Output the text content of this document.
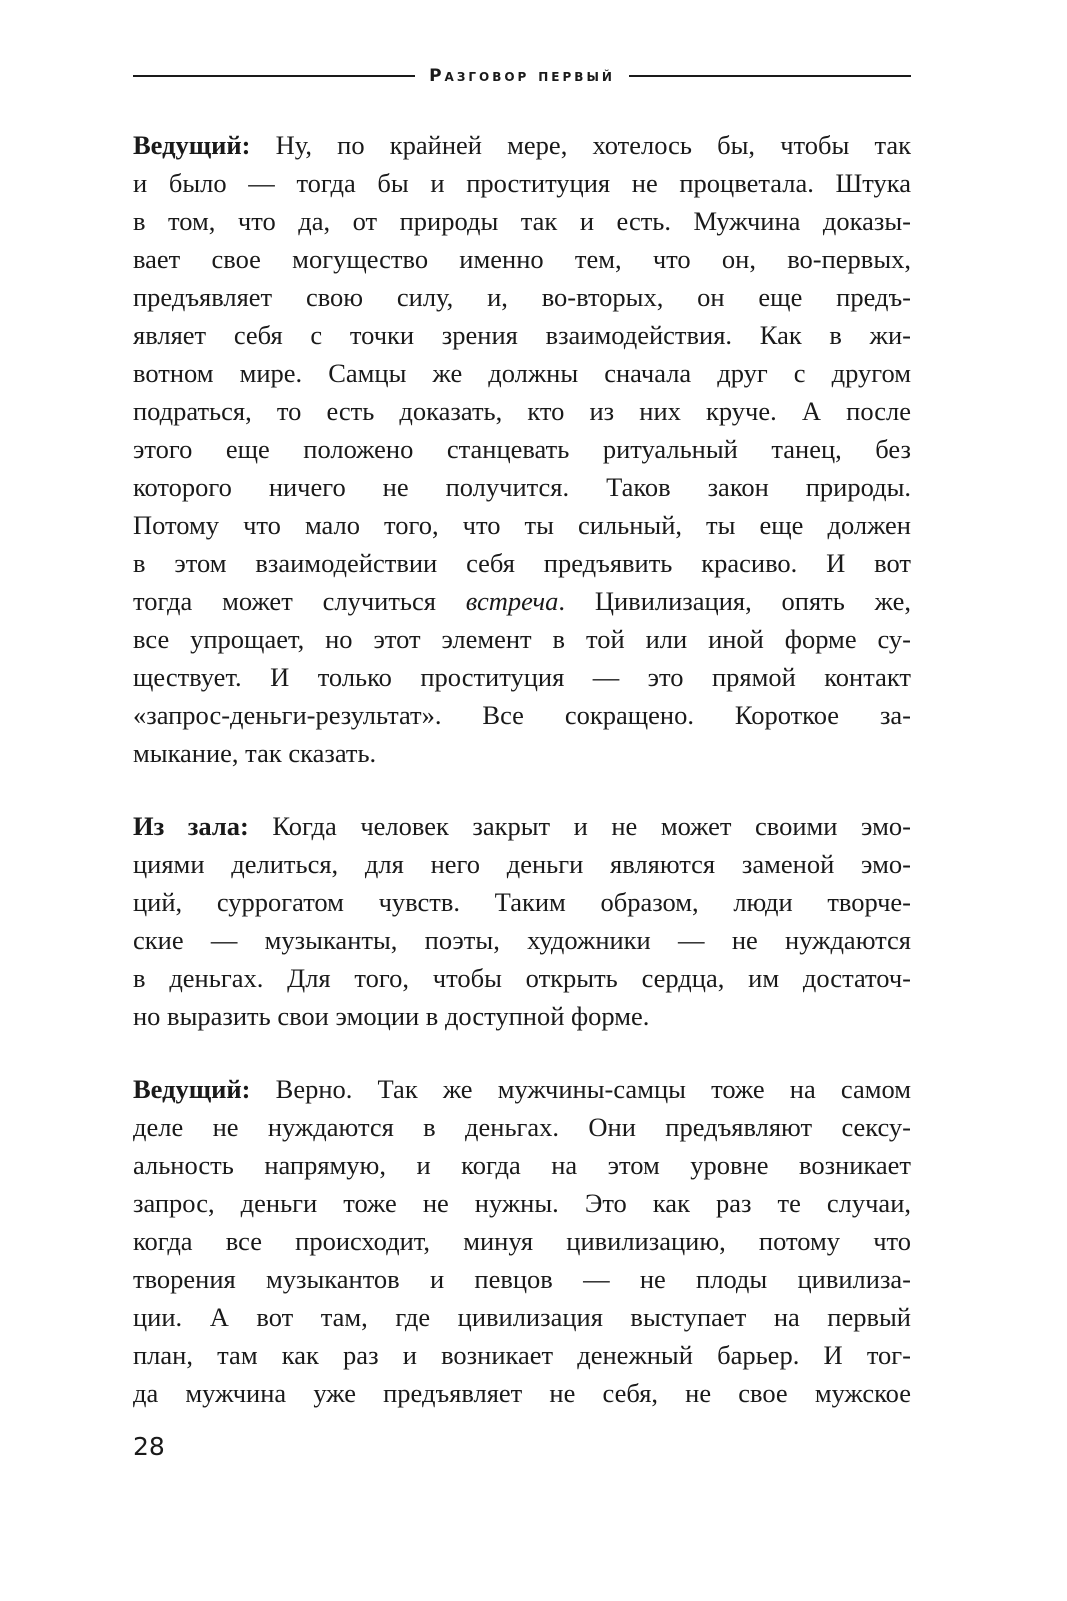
Разговор первый
Ведущий: Ну, по крайней мере, хотелось бы, чтобы так
и было — тогда бы и проституция не процветала. Штука
в том, что да, от природы так и есть. Мужчина доказы-
вает свое могущество именно тем, что он, во-первых,
предъявляет свою силу, и, во-вторых, он еще предъ-
являет себя с точки зрения взаимодействия. Как в жи-
вотном мире. Самцы же должны сначала друг с другом
подраться, то есть доказать, кто из них круче. А после
этого еще положено станцевать ритуальный танец, без
которого ничего не получится. Таков закон природы.
Потому что мало того, что ты сильный, ты еще должен
в этом взаимодействии себя предъявить красиво. И вот
тогда может случиться встреча. Цивилизация, опять же,
все упрощает, но этот элемент в той или иной форме су-
ществует. И только проституция — это прямой контакт
«запрос-деньги-результат». Все сокращено. Короткое за-
мыкание, так сказать.
Из зала: Когда человек закрыт и не может своими эмо-
циями делиться, для него деньги являются заменой эмо-
ций, суррогатом чувств. Таким образом, люди творче-
ские — музыканты, поэты, художники — не нуждаются
в деньгах. Для того, чтобы открыть сердца, им достаточ-
но выразить свои эмоции в доступной форме.
Ведущий: Верно. Так же мужчины-самцы тоже на самом
деле не нуждаются в деньгах. Они предъявляют сексу-
альность напрямую, и когда на этом уровне возникает
запрос, деньги тоже не нужны. Это как раз те случаи,
когда все происходит, минуя цивилизацию, потому что
творения музыкантов и певцов — не плоды цивилиза-
ции. А вот там, где цивилизация выступает на первый
план, там как раз и возникает денежный барьер. И тог-
да мужчина уже предъявляет не себя, не свое мужское
28
